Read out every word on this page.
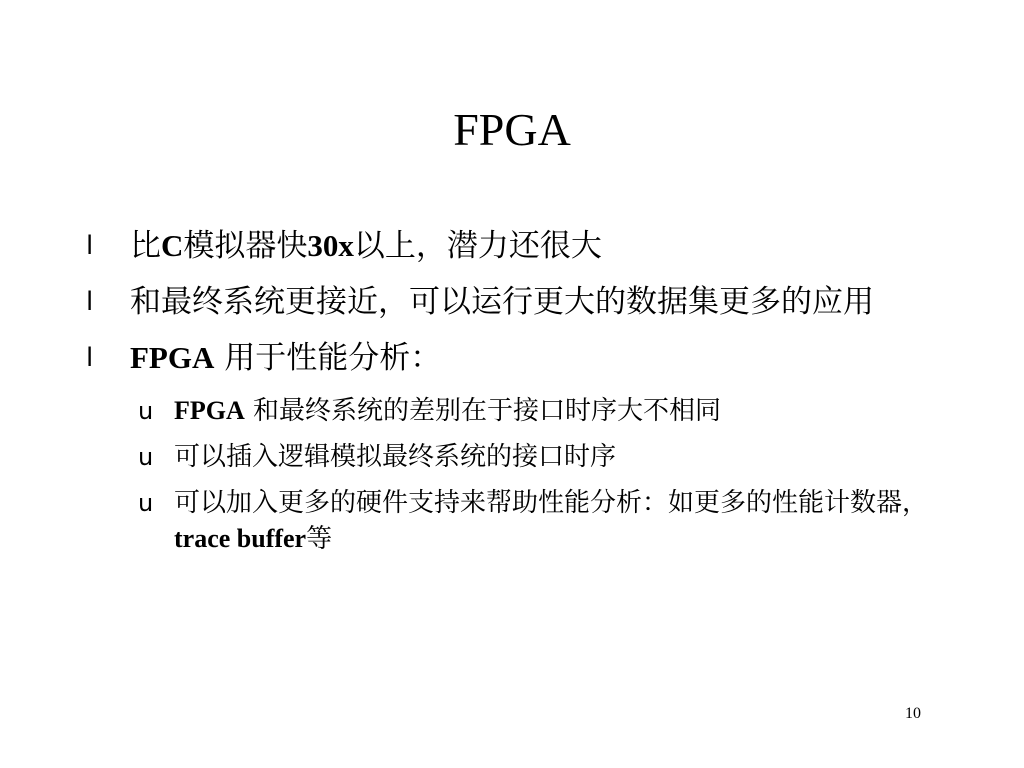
FPGA
l 比C模拟器快30x以上，潜力还很大
l 和最终系统更接近，可以运行更大的数据集更多的应用
l FPGA 用于性能分析：
u FPGA 和最终系统的差别在于接口时序大不相同
u 可以插入逻辑模拟最终系统的接口时序
u 可以加入更多的硬件支持来帮助性能分析：如更多的性能计数器，trace buffer等
10
